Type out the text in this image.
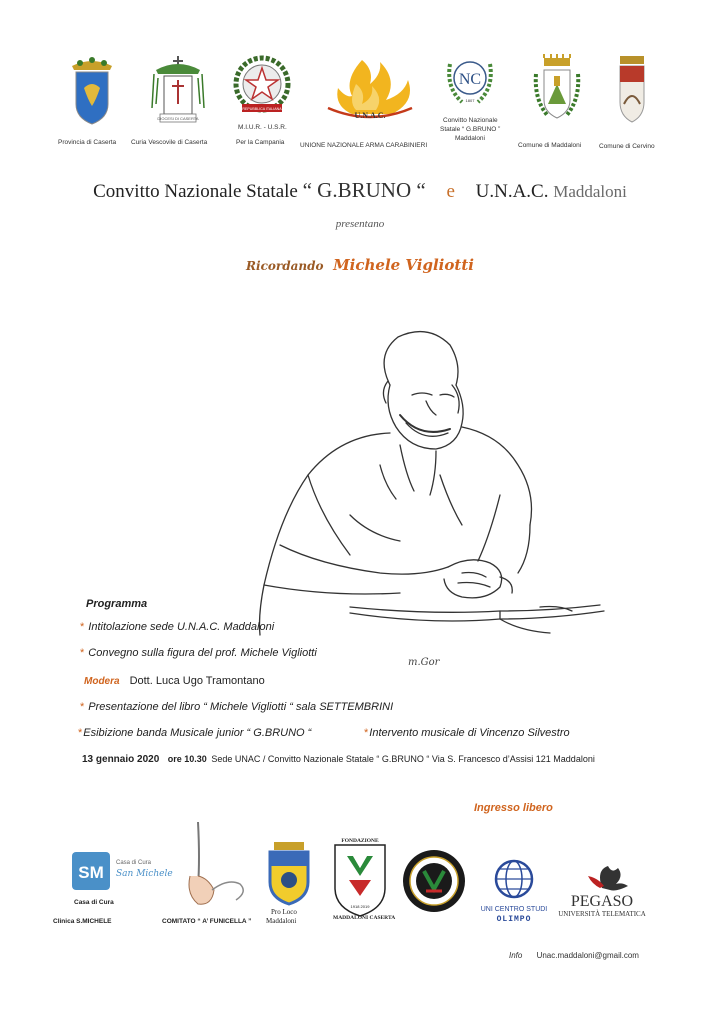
Provincia di Caserta
DIOCESI DI CASERTA
Curia Vescovile di Caserta
REPUBBLICA ITALIANA
M.I.U.R. - U.S.R.
Per la Campania
U.N.A.C.
UNIONE NAZIONALE ARMA CARABINIERI
NC
1807
Convitto Nazionale
Statale “ G.BRUNO ”
Maddaloni
Comune di Maddaloni	Comune di Cervino
Convitto Nazionale Statale “ G.BRUNO “ e U.N.A.C. Maddaloni
presentano
Ricordando Michele Vigliotti
m.Gor
Programma
* Intitolazione sede U.N.A.C. Maddaloni
* Convegno sulla figura del prof. Michele Vigliotti
Modera Dott. Luca Ugo Tramontano
* Presentazione del libro “ Michele Vigliotti “ sala SETTEMBRINI
*Esibizione banda Musicale junior “ G.BRUNO “	*Intervento musicale di Vincenzo Silvestro
13 gennaio 2020 ore 10.30 Sede UNAC / Convitto Nazionale Statale “ G.BRUNO “ Via S. Francesco d’Assisi 121 Maddaloni
Ingresso libero
SM Casa di Cura
San Michele
Casa di Cura
Clinica S.MICHELE	COMITATO “ A’ FUNICELLA ”
Pro Loco
Maddaloni
FONDAZIONE
1918 2019
MADDALONI CASERTA
UNI CENTRO STUDI
OLIMPO
PEGASO
UNIVERSITÀ TELEMATICA
Info Unac.maddaloni@gmail.com
